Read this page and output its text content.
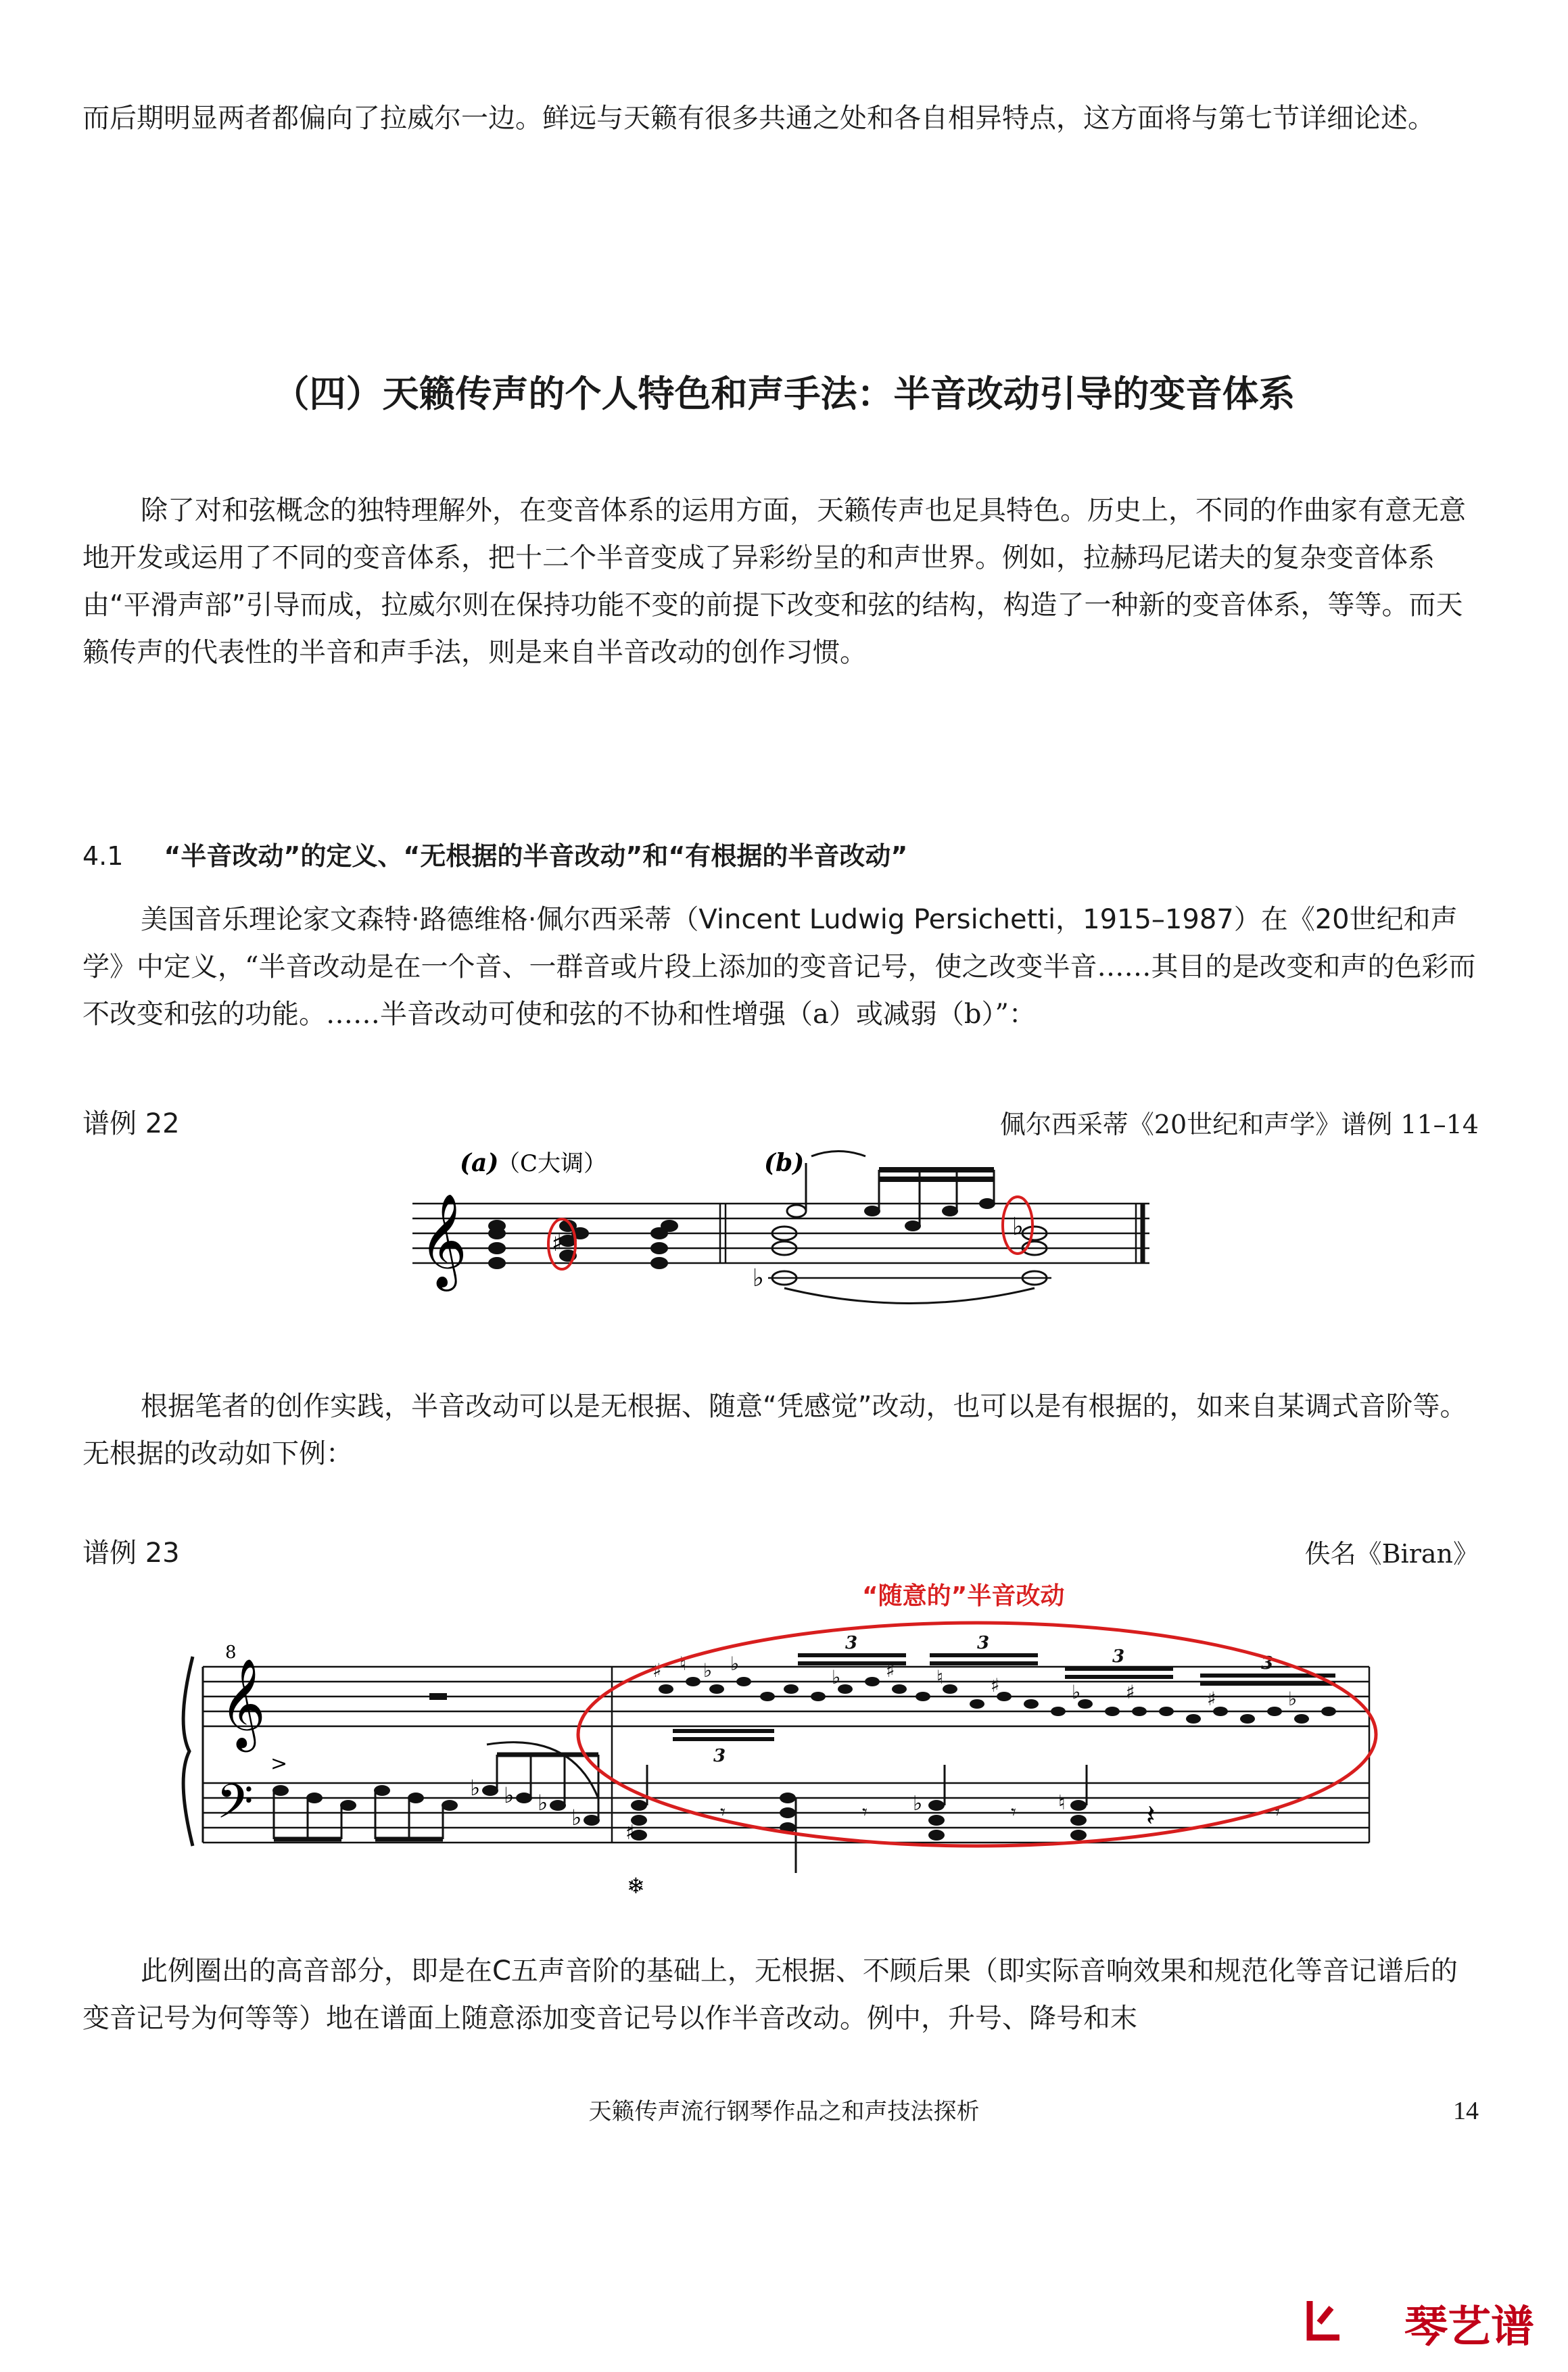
而后期明显两者都偏向了拉威尔一边。鲜远与天籁有很多共通之处和各自相异特点，这方面将与第七节详细论述。

（四）天籁传声的个人特色和声手法：半音改动引导的变音体系

除了对和弦概念的独特理解外，在变音体系的运用方面，天籁传声也足具特色。历史上，不同的作曲家有意无意地开发或运用了不同的变音体系，把十二个半音变成了异彩纷呈的和声世界。例如，拉赫玛尼诺夫的复杂变音体系由“平滑声部”引导而成，拉威尔则在保持功能不变的前提下改变和弦的结构，构造了一种新的变音体系，等等。而天籁传声的代表性的半音和声手法，则是来自半音改动的创作习惯。

4.1 “半音改动”的定义、“无根据的半音改动”和“有根据的半音改动”

美国音乐理论家文森特·路德维格·佩尔西采蒂（Vincent Ludwig Persichetti，1915–1987）在《20世纪和声学》中定义，“半音改动是在一个音、一群音或片段上添加的变音记号，使之改变半音……其目的是改变和声的色彩而不改变和弦的功能。……半音改动可使和弦的不协和性增强（a）或减弱（b）”：

谱例 22	佩尔西采蒂《20世纪和声学》谱例 11–14

𝄞
(a)
（C大调）	(b)
♯
♭
♭

根据笔者的创作实践，半音改动可以是无根据、随意“凭感觉”改动，也可以是有根据的，如来自某调式音阶等。无根据的改动如下例：

谱例 23	佚名《Biran》

𝄞
8
𝄢
>
♭ ♭ ♭
♭
♭	♮
♯
𝄾	𝄾	𝄾	𝄾
𝄽
❄
3
3	3
3	3
♯ ♮ ♭ ♭
♭ ♯ ♮ ♯	♭ ♯	♯	♭
“随意的”半音改动

此例圈出的高音部分，即是在C五声音阶的基础上，无根据、不顾后果（即实际音响效果和规范化等音记谱后的变音记号为何等等）地在谱面上随意添加变音记号以作半音改动。例中，升号、降号和末

天籁传声流行钢琴作品之和声技法探析	14

琴艺谱
